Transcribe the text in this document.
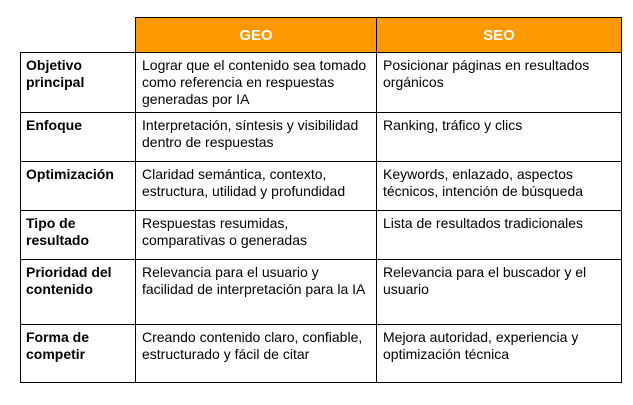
	GEO	SEO

Objetivo principal	Lograr que el contenido sea tomado como referencia en respuestas generadas por IA	Posicionar páginas en resultados orgánicos

Enfoque	Interpretación, síntesis y visibilidad dentro de respuestas	Ranking, tráfico y clics

Optimización	Claridad semántica, contexto, estructura, utilidad y profundidad	Keywords, enlazado, aspectos técnicos, intención de búsqueda

Tipo de resultado	Respuestas resumidas, comparativas o generadas	Lista de resultados tradicionales

Prioridad del contenido	Relevancia para el usuario y facilidad de interpretación para la IA	Relevancia para el buscador y el usuario

Forma de competir	Creando contenido claro, confiable, estructurado y fácil de citar	Mejora autoridad, experiencia y optimización técnica
